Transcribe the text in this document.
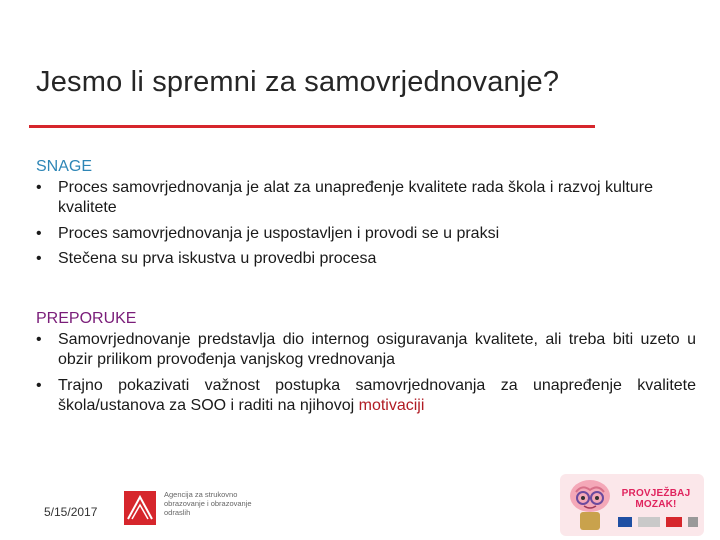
Jesmo li spremni za samovrjednovanje?

SNAGE

• Proces samovrjednovanja je alat za unapređenje kvalitete rada škola i razvoj kulture kvalitete
• Proces samovrjednovanja je uspostavljen i provodi se u praksi
• Stečena su prva iskustva u provedbi procesa

PREPORUKE

• Samovrjednovanje predstavlja dio internog osiguravanja kvalitete, ali treba biti uzeto u obzir prilikom provođenja vanjskog vrednovanja
• Trajno pokazivati važnost postupka samovrjednovanja za unapređenje kvalitete škola/ustanova za SOO i raditi na njihovoj motivaciji
5/15/2017
Agencija za strukovno obrazovanje i obrazovanje odraslih
PROVJEŽBAJ MOZAK!
